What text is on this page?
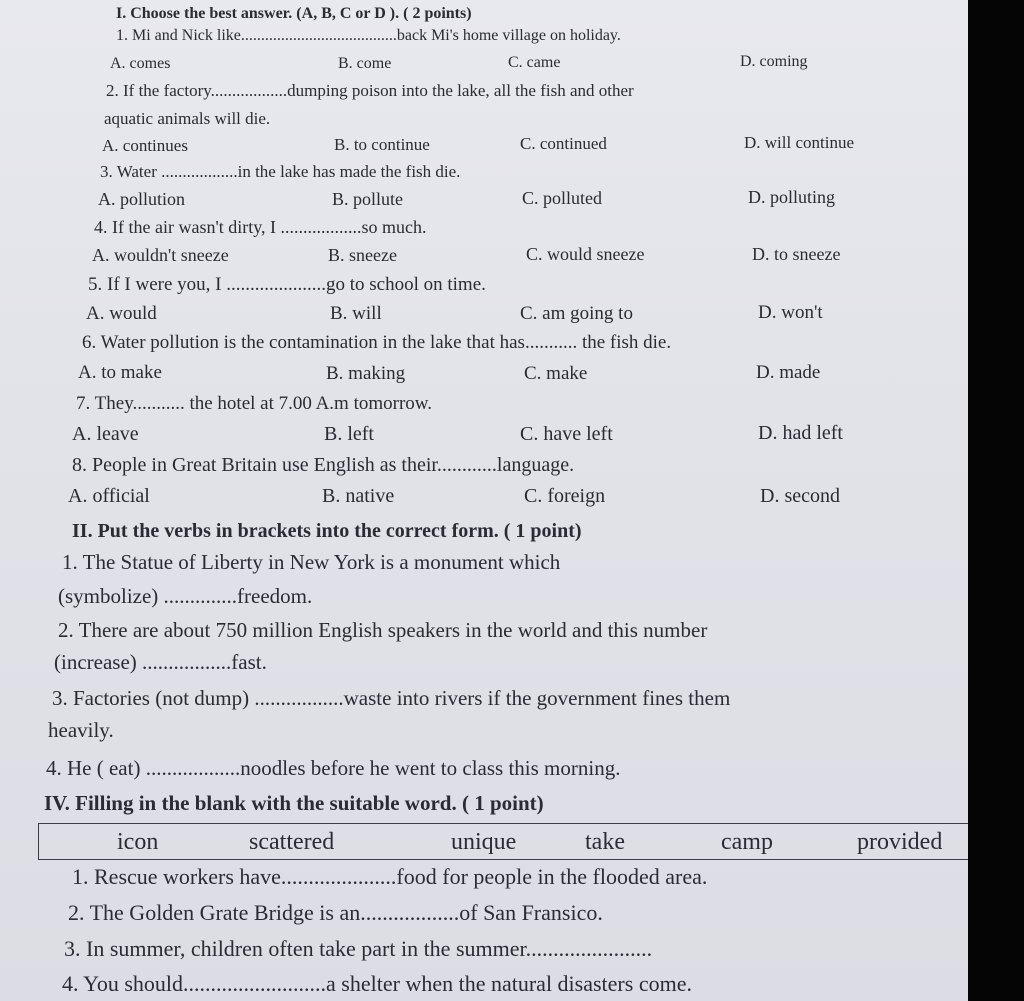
I. Choose the best answer. (A, B, C or D ). ( 2 points)
1. Mi and Nick like.......................................back Mi's home village on holiday.
A. comes	B. come	C. came	D. coming
2. If the factory..................dumping poison into the lake, all the fish and other
aquatic animals will die.
A. continues	B. to continue	C. continued	D. will continue
3. Water ..................in the lake has made the fish die.
A. pollution	B. pollute	C. polluted	D. polluting
4. If the air wasn't dirty, I ..................so much.
A. wouldn't sneeze	B. sneeze	C. would sneeze	D. to sneeze
5. If I were you, I .....................go to school on time.
A. would	B. will	C. am going to	D. won't
6. Water pollution is the contamination in the lake that has........... the fish die.
A. to make	B. making	C. make	D. made
7. They........... the hotel at 7.00 A.m tomorrow.
A. leave	B. left	C. have left	D. had left
8. People in Great Britain use English as their............language.
A. official	B. native	C. foreign	D. second
II. Put the verbs in brackets into the correct form. ( 1 point)
1. The Statue of Liberty in New York is a monument which
(symbolize) ..............freedom.
2. There are about 750 million English speakers in the world and this number
(increase) .................fast.
3. Factories (not dump) .................waste into rivers if the government fines them
heavily.
4. He ( eat) ..................noodles before he went to class this morning.
IV. Filling in the blank with the suitable word. ( 1 point)
icon	scattered	unique	take	camp	provided
1. Rescue workers have.....................food for people in the flooded area.
2. The Golden Grate Bridge is an..................of San Fransico.
3. In summer, children often take part in the summer.......................
4. You should..........................a shelter when the natural disasters come.
